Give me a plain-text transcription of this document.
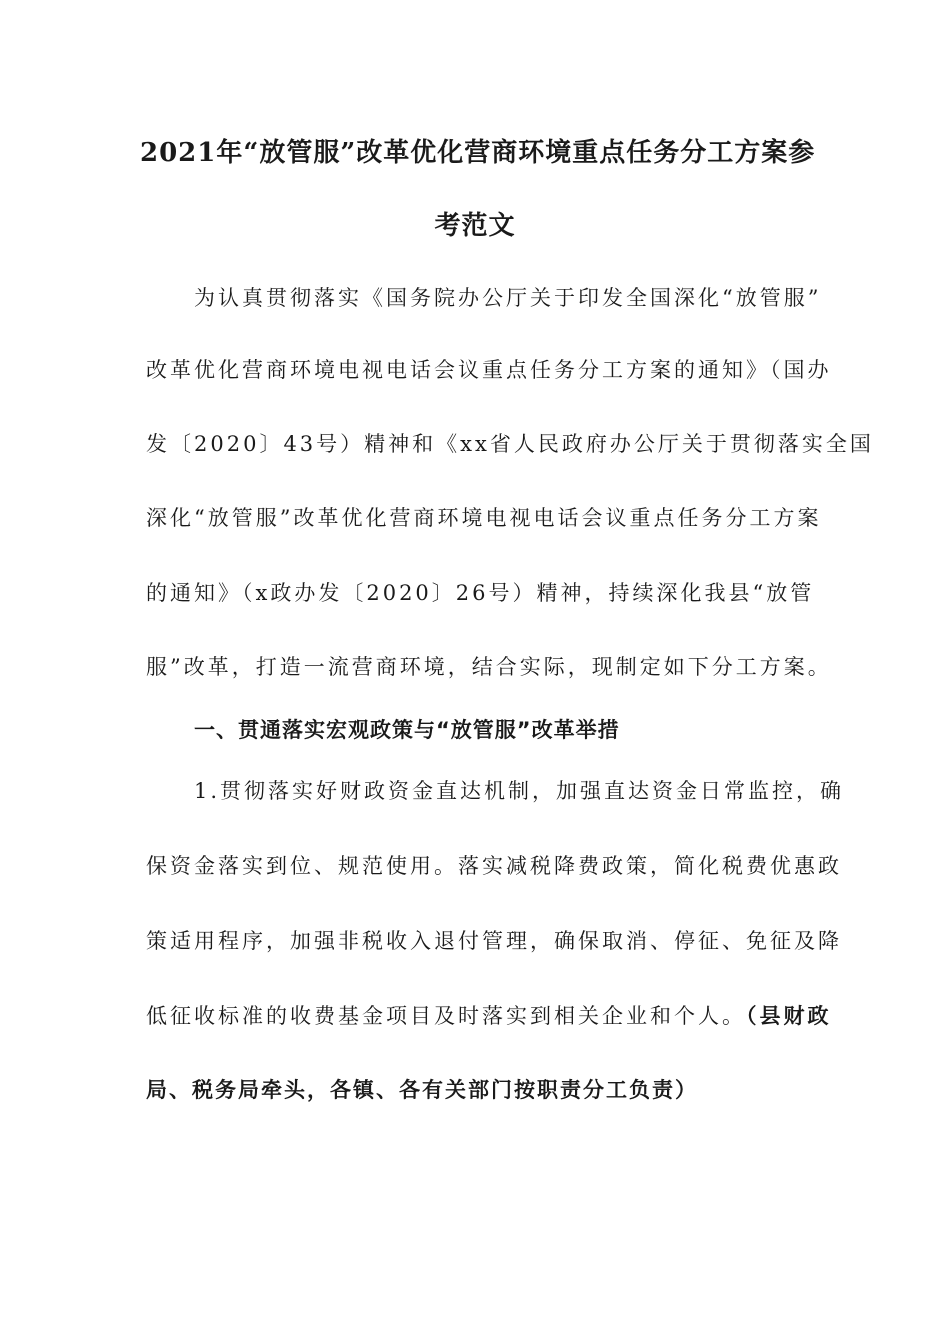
2021年“放管服”改革优化营商环境重点任务分工方案参
考范文
为认真贯彻落实《国务院办公厅关于印发全国深化“放管服”
改革优化营商环境电视电话会议重点任务分工方案的通知》（国办
发〔2020〕43号）精神和《xx省人民政府办公厅关于贯彻落实全国
深化“放管服”改革优化营商环境电视电话会议重点任务分工方案
的通知》（x政办发〔2020〕26号）精神，持续深化我县“放管
服”改革，打造一流营商环境，结合实际，现制定如下分工方案。
一、贯通落实宏观政策与“放管服”改革举措
1.贯彻落实好财政资金直达机制，加强直达资金日常监控，确
保资金落实到位、规范使用。落实减税降费政策，简化税费优惠政
策适用程序，加强非税收入退付管理，确保取消、停征、免征及降
低征收标准的收费基金项目及时落实到相关企业和个人。（县财政
局、税务局牵头，各镇、各有关部门按职责分工负责）
